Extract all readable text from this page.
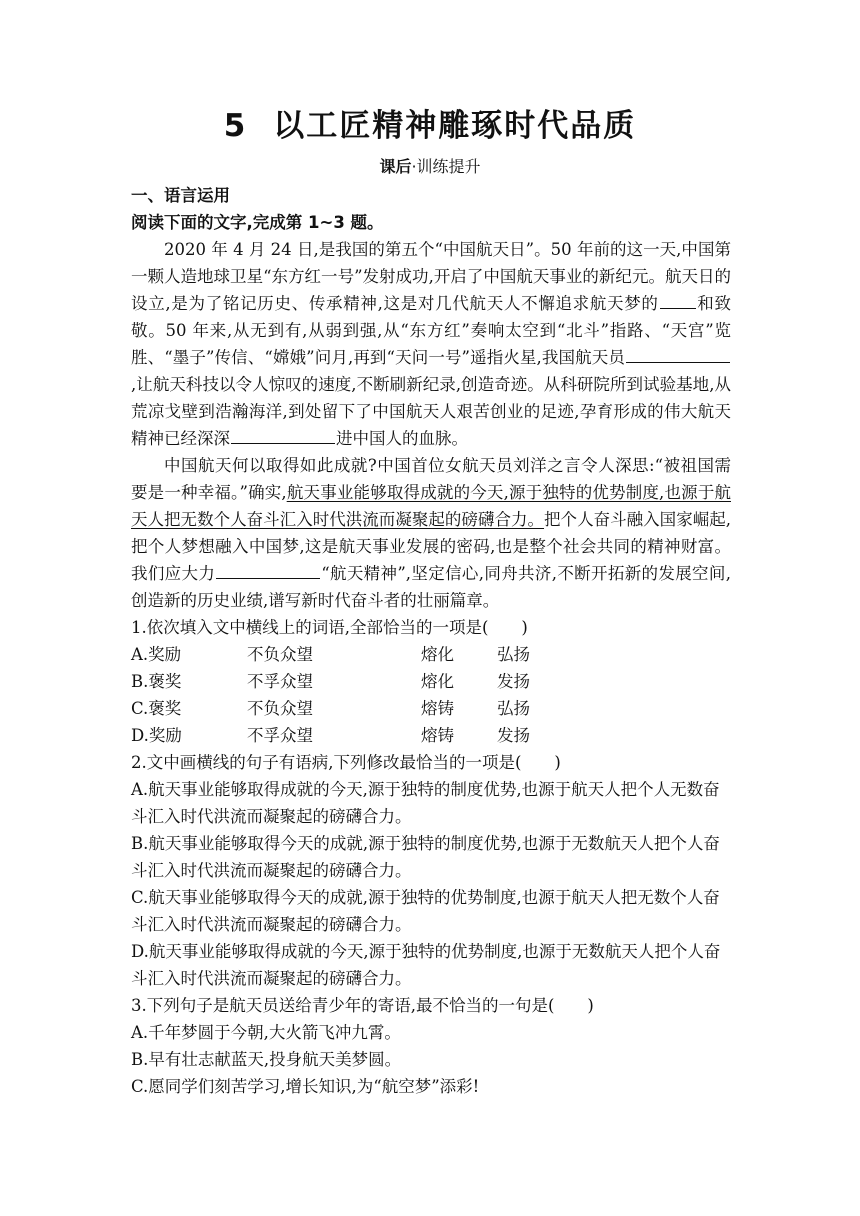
5 以工匠精神雕琢时代品质
课后·训练提升

一、语言运用

阅读下面的文字,完成第 1~3 题。

2020 年 4 月 24 日,是我国的第五个“中国航天日”。50 年前的这一天,中国第一颗人造地球卫星“东方红一号”发射成功,开启了中国航天事业的新纪元。航天日的设立,是为了铭记历史、传承精神,这是对几代航天人不懈追求航天梦的 和致敬。50 年来,从无到有,从弱到强,从“东方红”奏响太空到“北斗”指路、“天宫”览胜、“墨子”传信、“嫦娥”问月,再到“天问一号”遥指火星,我国航天员,让航天科技以令人惊叹的速度,不断刷新纪录,创造奇迹。从科研院所到试验基地,从荒凉戈壁到浩瀚海洋,到处留下了中国航天人艰苦创业的足迹,孕育形成的伟大航天精神已经深深	进中国人的血脉。

中国航天何以取得如此成就?中国首位女航天员刘洋之言令人深思:“被祖国需要是一种幸福。”确实,航天事业能够取得成就的今天,源于独特的优势制度,也源于航天人把无数个人奋斗汇入时代洪流而凝聚起的磅礴合力。把个人奋斗融入国家崛起,把个人梦想融入中国梦,这是航天事业发展的密码,也是整个社会共同的精神财富。我们应大力	“航天精神”,坚定信心,同舟共济,不断开拓新的发展空间,创造新的历史业绩,谱写新时代奋斗者的壮丽篇章。

1.依次填入文中横线上的词语,全部恰当的一项是(　　)

A.奖励	不负众望	熔化	弘扬
B.褒奖	不孚众望	熔化	发扬
C.褒奖	不负众望	熔铸	弘扬
D.奖励	不孚众望	熔铸	发扬

2.文中画横线的句子有语病,下列修改最恰当的一项是(　　)

A.航天事业能够取得成就的今天,源于独特的制度优势,也源于航天人把个人无数奋斗汇入时代洪流而凝聚起的磅礴合力。

B.航天事业能够取得今天的成就,源于独特的制度优势,也源于无数航天人把个人奋斗汇入时代洪流而凝聚起的磅礴合力。

C.航天事业能够取得今天的成就,源于独特的优势制度,也源于航天人把无数个人奋斗汇入时代洪流而凝聚起的磅礴合力。

D.航天事业能够取得成就的今天,源于独特的优势制度,也源于无数航天人把个人奋斗汇入时代洪流而凝聚起的磅礴合力。

3.下列句子是航天员送给青少年的寄语,最不恰当的一句是(　　)

A.千年梦圆于今朝,大火箭飞冲九霄。

B.早有壮志献蓝天,投身航天美梦圆。

C.愿同学们刻苦学习,增长知识,为“航空梦”添彩!
